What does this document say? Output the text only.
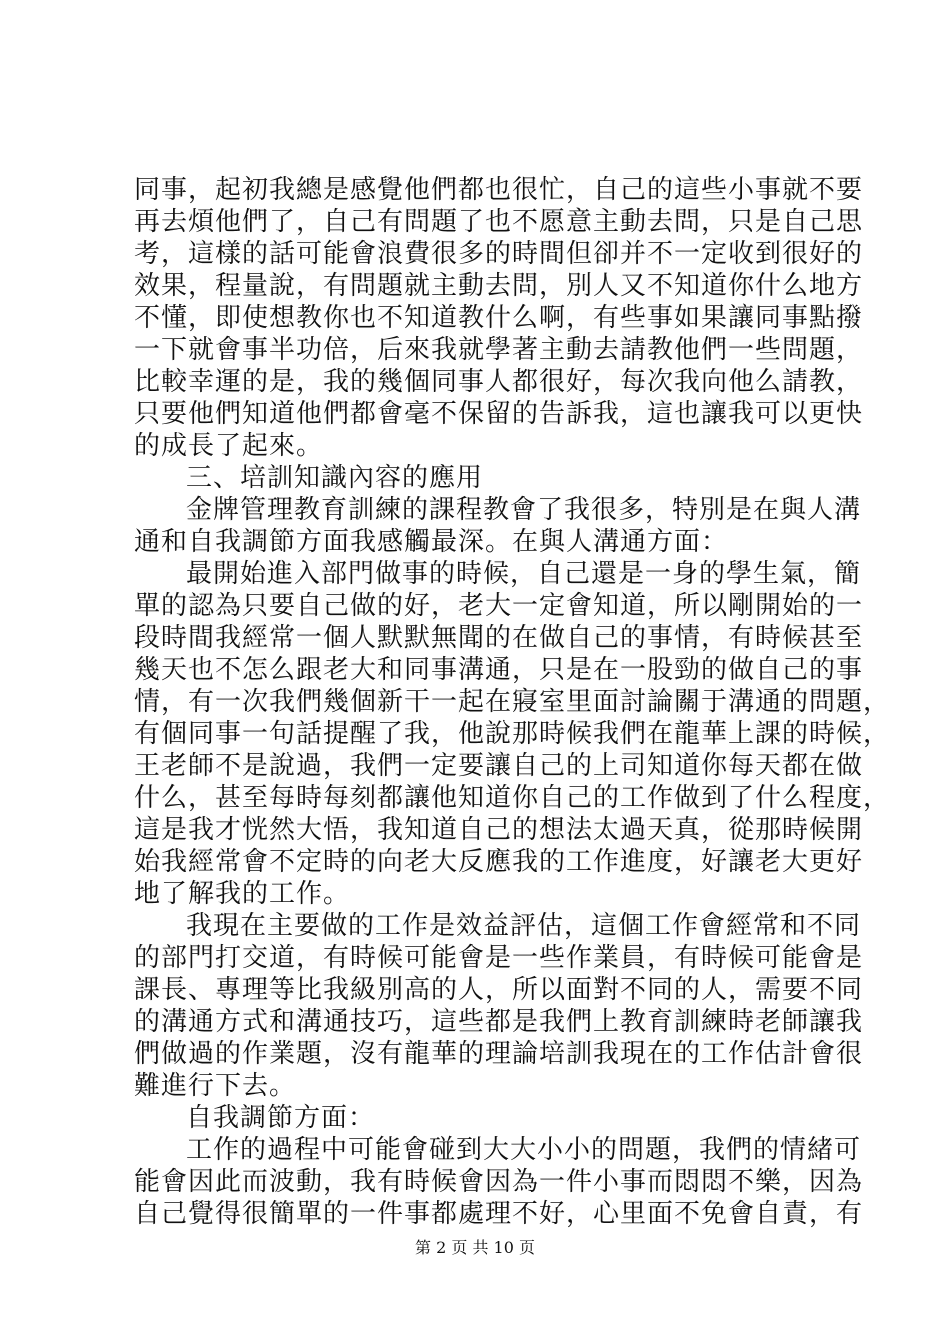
同事，起初我總是感覺他們都也很忙，自己的這些小事就不要
再去煩他們了，自己有問題了也不愿意主動去問，只是自己思
考，這樣的話可能會浪費很多的時間但卻并不一定收到很好的
效果，程量說，有問題就主動去問，別人又不知道你什么地方
不懂，即使想教你也不知道教什么啊，有些事如果讓同事點撥
一下就會事半功倍，后來我就學著主動去請教他們一些問題，
比較幸運的是，我的幾個同事人都很好，每次我向他么請教，
只要他們知道他們都會毫不保留的告訴我，這也讓我可以更快
的成長了起來。
三、培訓知識內容的應用
金牌管理教育訓練的課程教會了我很多，特別是在與人溝
通和自我調節方面我感觸最深。在與人溝通方面：
最開始進入部門做事的時候，自己還是一身的學生氣，簡
單的認為只要自己做的好，老大一定會知道，所以剛開始的一
段時間我經常一個人默默無聞的在做自己的事情，有時候甚至
幾天也不怎么跟老大和同事溝通，只是在一股勁的做自己的事
情，有一次我們幾個新干一起在寢室里面討論關于溝通的問題，
有個同事一句話提醒了我，他說那時候我們在龍華上課的時候，
王老師不是說過，我們一定要讓自己的上司知道你每天都在做
什么，甚至每時每刻都讓他知道你自己的工作做到了什么程度，
這是我才恍然大悟，我知道自己的想法太過天真，從那時候開
始我經常會不定時的向老大反應我的工作進度，好讓老大更好
地了解我的工作。
我現在主要做的工作是效益評估，這個工作會經常和不同
的部門打交道，有時候可能會是一些作業員，有時候可能會是
課長、專理等比我級別高的人，所以面對不同的人，需要不同
的溝通方式和溝通技巧，這些都是我們上教育訓練時老師讓我
們做過的作業題，沒有龍華的理論培訓我現在的工作估計會很
難進行下去。
自我調節方面：
工作的過程中可能會碰到大大小小的問題，我們的情緒可
能會因此而波動，我有時候會因為一件小事而悶悶不樂，因為
自己覺得很簡單的一件事都處理不好，心里面不免會自責，有
第 2 页 共 10 页
